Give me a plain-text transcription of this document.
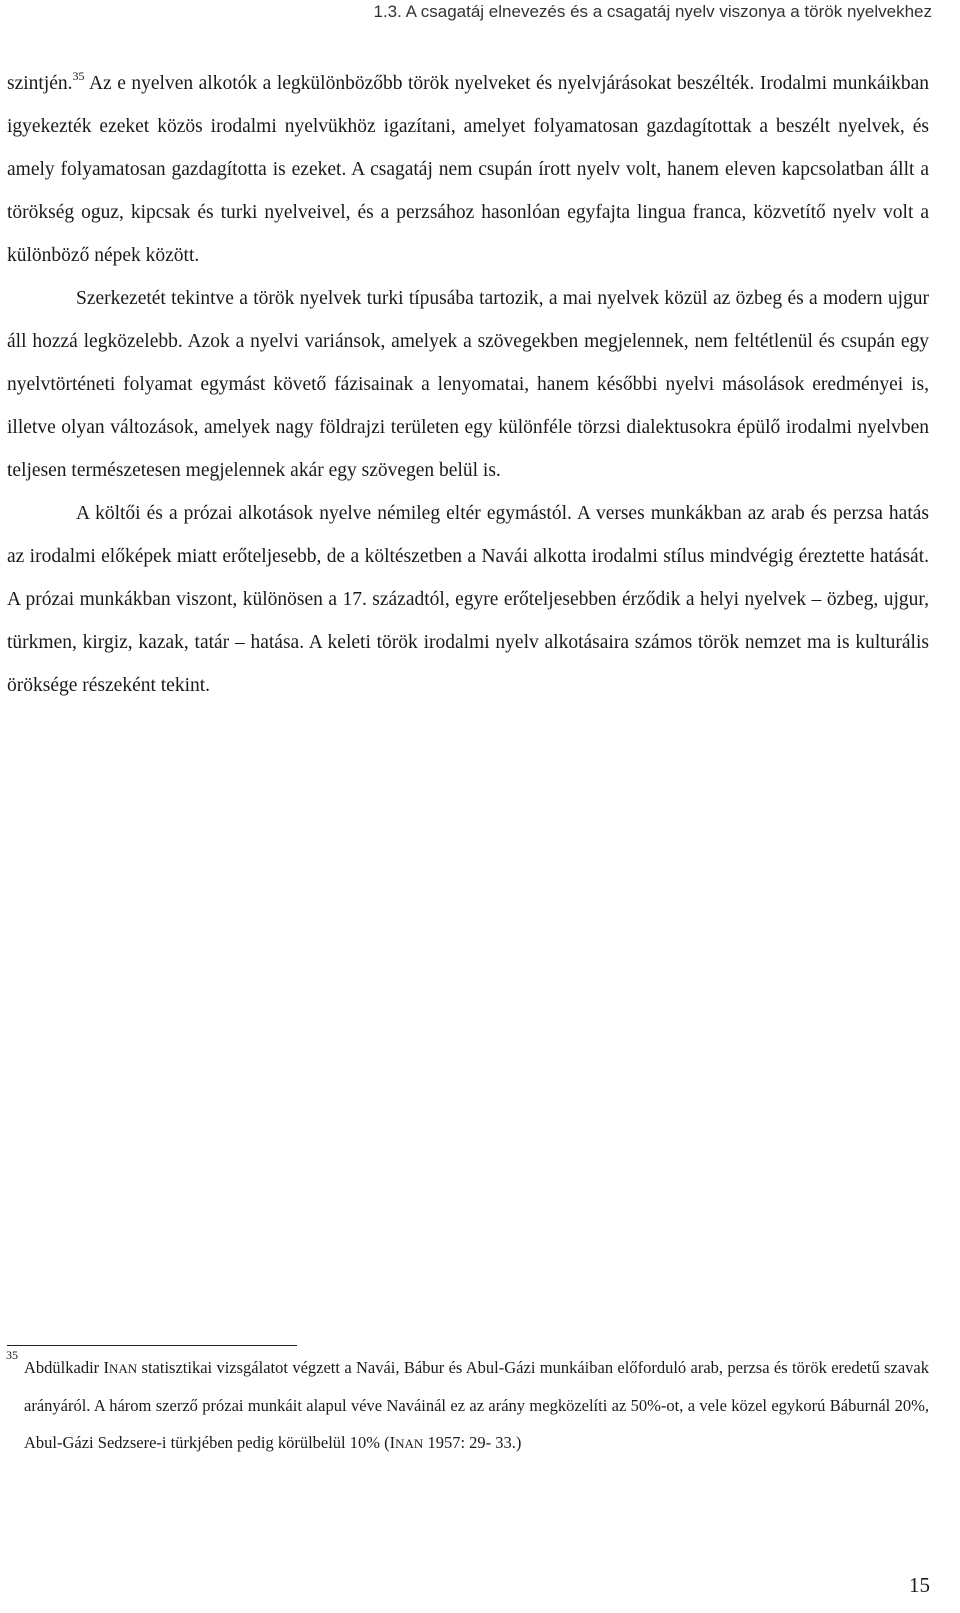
1.3. A csagatáj elnevezés és a csagatáj nyelv viszonya a török nyelvekhez

szintjén.$^{35}$ Az e nyelven alkotók a legkülönbözőbb török nyelveket és nyelvjárásokat beszélték. Irodalmi munkáikban igyekezték ezeket közös irodalmi nyelvükhöz igazítani, amelyet folyamatosan gazdagítottak a beszélt nyelvek, és amely folyamatosan gazdagította is ezeket. A csagatáj nem csupán írott nyelv volt, hanem eleven kapcsolatban állt a törökség oguz, kipcsak és turki nyelveivel, és a perzsához hasonlóan egyfajta lingua franca, közvetítő nyelv volt a különböző népek között.

Szerkezetét tekintve a török nyelvek turki típusába tartozik, a mai nyelvek közül az özbeg és a modern ujgur áll hozzá legközelebb. Azok a nyelvi variánsok, amelyek a szövegekben megjelennek, nem feltétlenül és csupán egy nyelvtörténeti folyamat egymást követő fázisainak a lenyomatai, hanem későbbi nyelvi másolások eredményei is, illetve olyan változások, amelyek nagy földrajzi területen egy különféle törzsi dialektusokra épülő irodalmi nyelvben teljesen természetesen megjelennek akár egy szövegen belül is.

A költői és a prózai alkotások nyelve némileg eltér egymástól. A verses munkákban az arab és perzsa hatás az irodalmi előképek miatt erőteljesebb, de a költészetben a Navái alkotta irodalmi stílus mindvégig éreztette hatását. A prózai munkákban viszont, különösen a 17. századtól, egyre erőteljesebben érződik a helyi nyelvek – özbeg, ujgur, türkmen, kirgiz, kazak, tatár – hatása. A keleti török irodalmi nyelv alkotásaira számos török nemzet ma is kulturális öröksége részeként tekint.

35
Abdülkadir INAN statisztikai vizsgálatot végzett a Navái, Bábur és Abul-Gázi munkáiban előforduló arab, perzsa és török eredetű szavak arányáról. A három szerző prózai munkáit alapul véve Naváinál ez az arány megközelíti az 50%-ot, a vele közel egykorú Báburnál 20%, Abul-Gázi Sedzsere-i türkjében pedig körülbelül 10% (INAN 1957: 29- 33.)
15
